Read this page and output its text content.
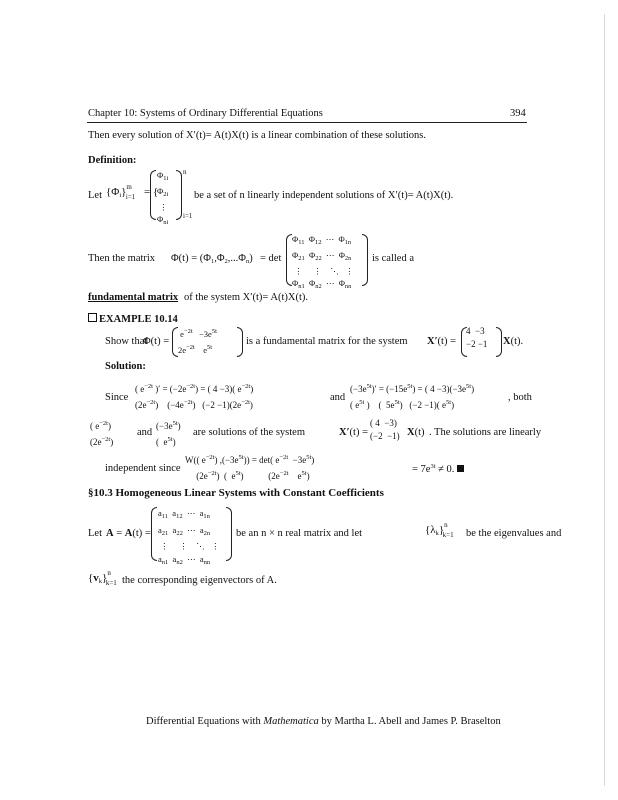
Chapter 10: Systems of Ordinary Differential Equations	394
Then every solution of X′(t)= A(t)X(t) is a linear combination of these solutions.
Definition:
Let $\{\Phi_i\}^m_{i=1}$ = {
$\Phi_{1i}$
$\Phi_{2i}$
⋮
$\Phi_{ni}$
n
i=1
be a set of n linearly independent solutions of X′(t)= A(t)X(t).
Then the matrix $\Phi(t) = (\Phi_1,\Phi_2,...\Phi_n) = \det$
$\Phi_{11}$  $\Phi_{12}$  ⋯  $\Phi_{1n}$
$\Phi_{21}$  $\Phi_{22}$  ⋯  $\Phi_{2n}$
⋮     ⋮    ⋱   ⋮
$\Phi_{n1}$  $\Phi_{n2}$  ⋯  $\Phi_{nn}$
is called a
fundamental matrix of the system X′(t)= A(t)X(t).
EXAMPLE 10.14
Show that
Φ(t) =
$e^{-2t} -3e^{5t}$
$2e^{-2t}$    $e^{5t}$
is a fundamental matrix for the system X′(t) =
4 −3
−2 −1	X(t).
Solution:
Since
( $e^{-2t}$ )′ = $(-2e^{-2t})$ = ( 4 −3)( $e^{-2t}$)
$(2e^{-2t})$    $(-4e^{-2t})$   $(-2 -1)(2e^{-2t})$
and
$(-3e^{5t})' = (-15e^{5t})$ = ( $4 -3)(-3e^{5t})$
( $e^{5t}$ )    (  $5e^{5t}$)   (−2 −1)( $e^{5t}$)
, both
( $e^{-2t}$)
$(2e^{-2t})$
and
$(-3e^{5t})$
(  $e^{5t}$)
are solutions of the system	X′(t) =
( 4  −3)
(−2  −1) X(t) . The solutions are linearly
independent since
W(( $e^{-2t}$) $,(-3e^{5t})) = \det$( $e^{-2t} -3e^{5t}$)
$(2e^{-2t})$  (  $e^{5t}$)           ($2e^{-2t}$    $e^{5t}$)
= $7e^{3t} \ne 0$.
§10.3 Homogeneous Linear Systems with Constant Coefficients
Let A = A(t) =
$a_{11}$  $a_{12}$  ⋯  $a_{1n}$
$a_{21}$  $a_{22}$  ⋯  $a_{2n}$
⋮     ⋮    ⋱   ⋮
$a_{n1}$  $a_{n2}$  ⋯  $a_{nn}$
be an n × n real matrix and let	$\{\lambda_k\}^n_{k=1}$	be the eigenvalues and
$\{v_k\}^n_{k=1}$ the corresponding eigenvectors of A.
Differential Equations with Mathematica by Martha L. Abell and James P. Braselton
